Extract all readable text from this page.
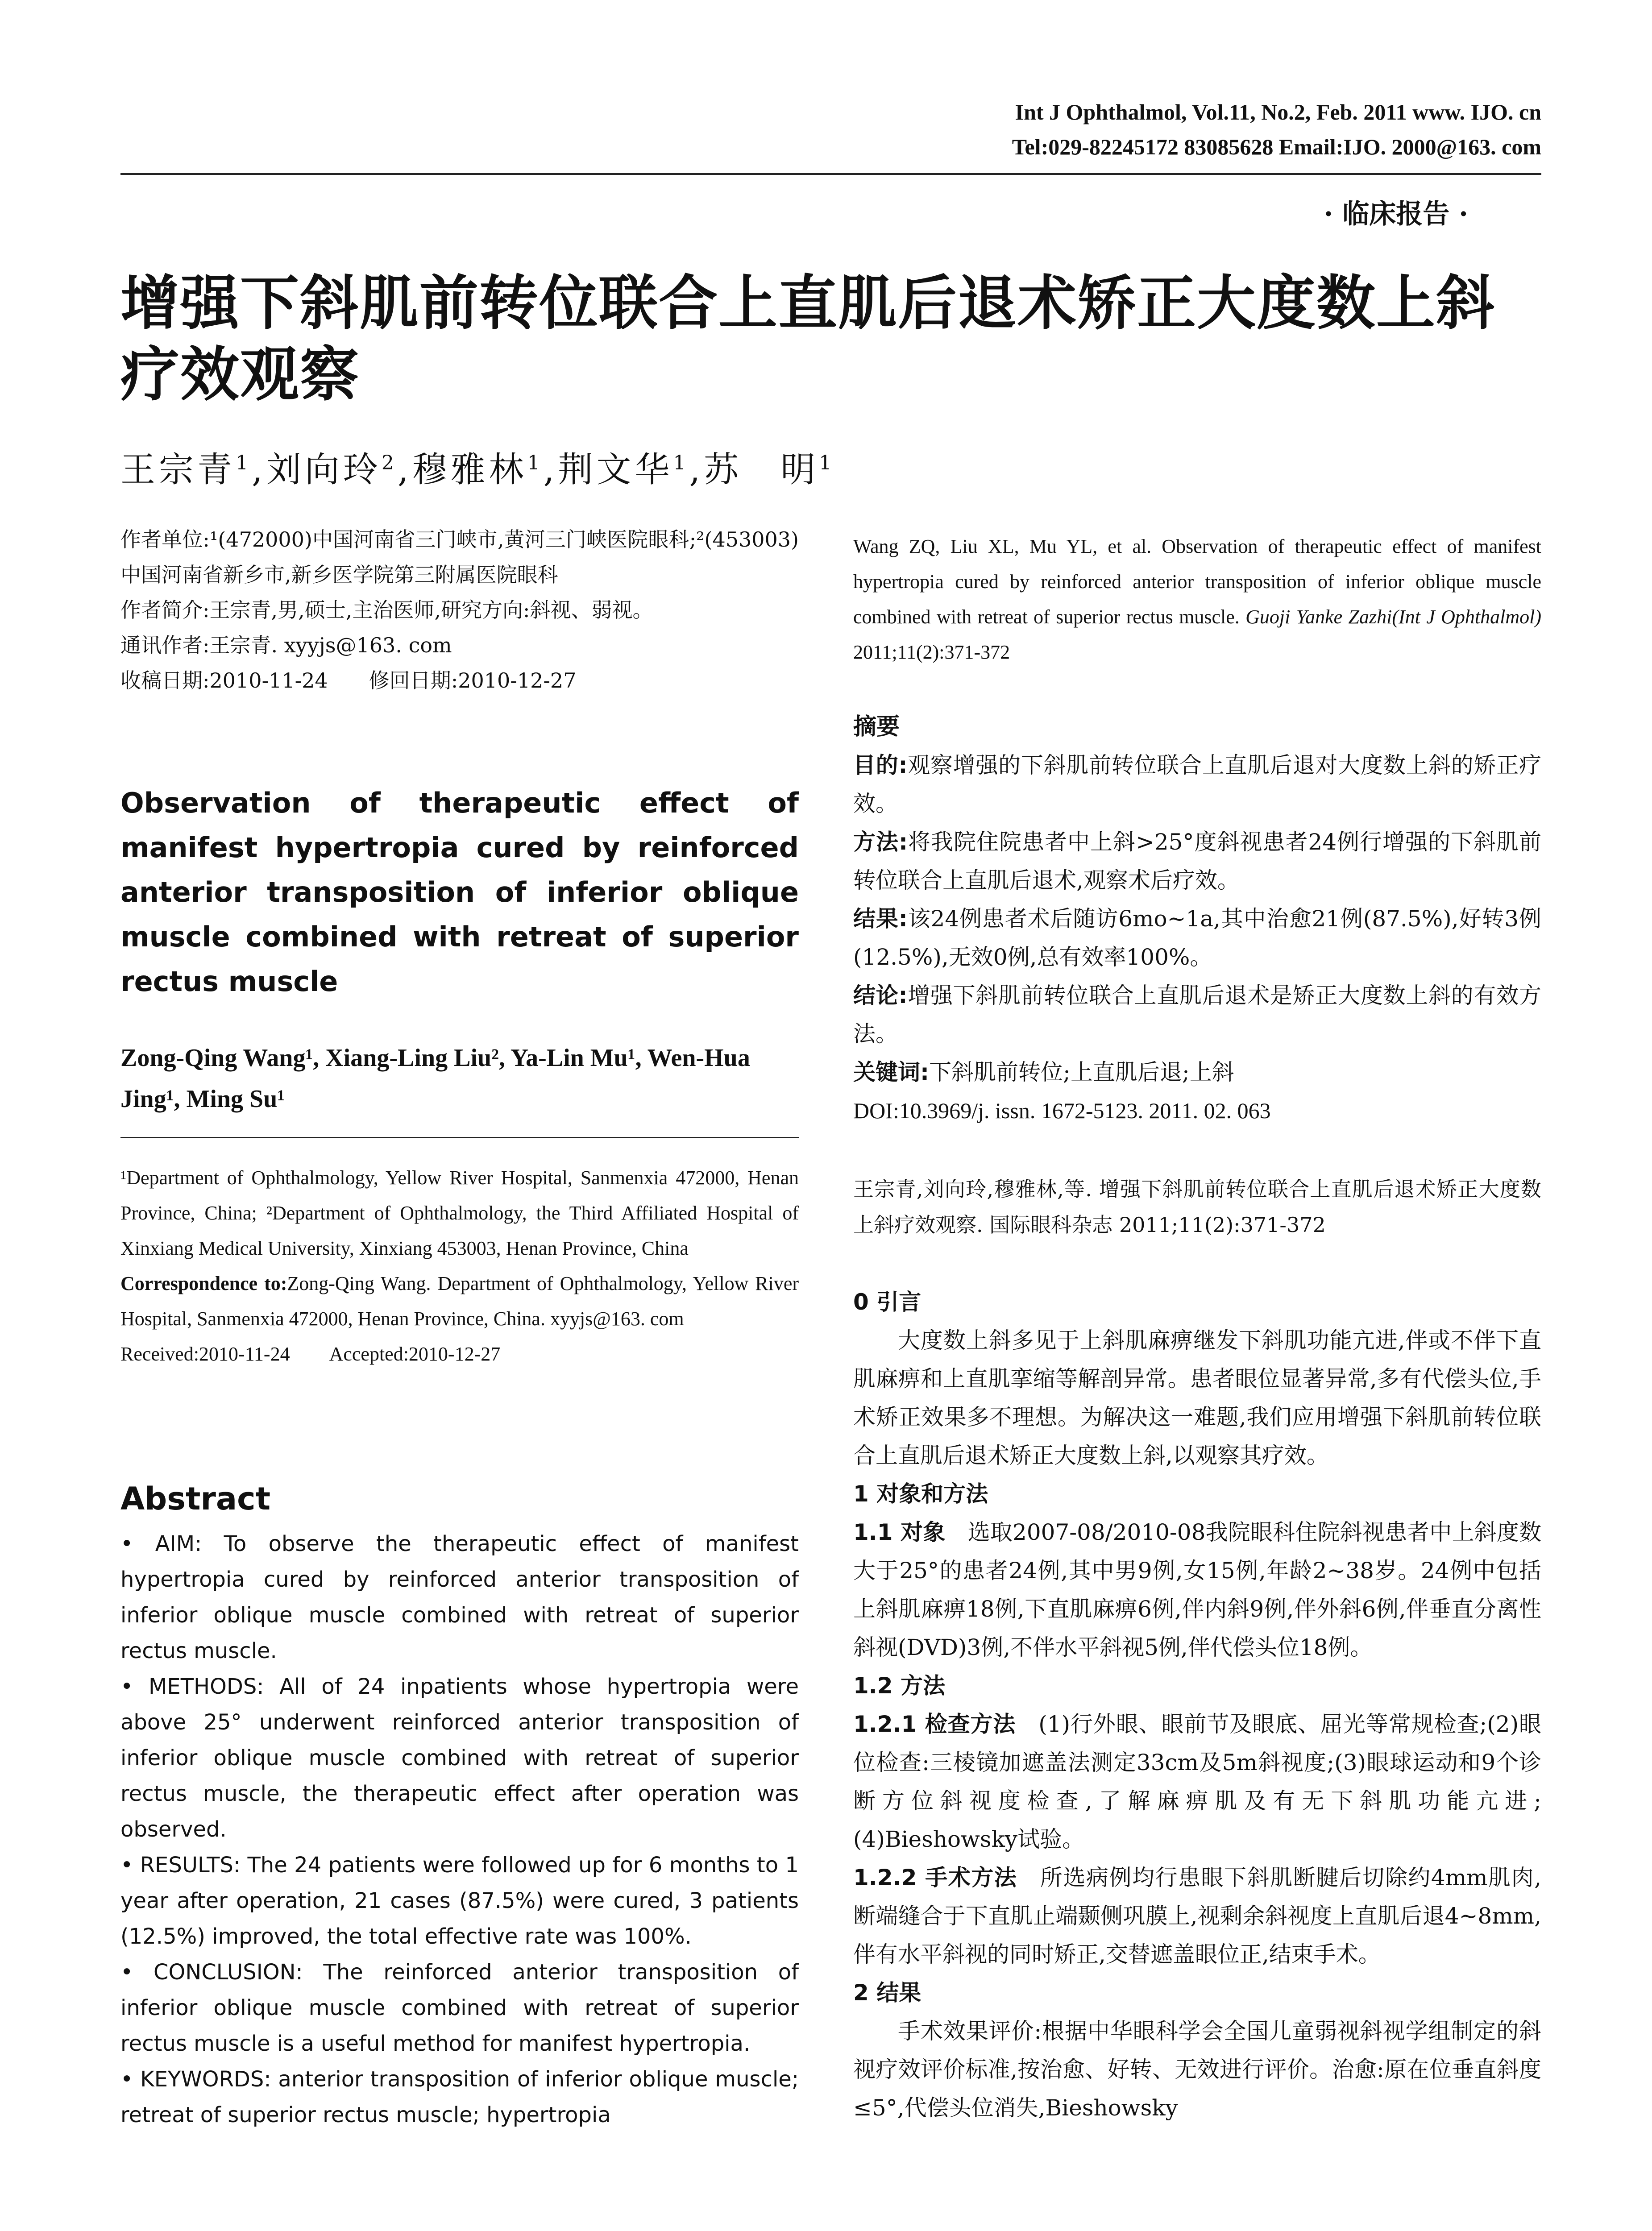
Int J Ophthalmol, Vol.11, No.2, Feb. 2011 www. IJO. cn
Tel:029-82245172 83085628 Email:IJO. 2000@163. com
· 临床报告 ·
增强下斜肌前转位联合上直肌后退术矫正大度数上斜疗效观察
王宗青$^1$,刘向玲$^2$,穆雅林$^1$,荆文华$^1$,苏　明$^1$
作者单位:¹(472000)中国河南省三门峡市,黄河三门峡医院眼科;²(453003)中国河南省新乡市,新乡医学院第三附属医院眼科
作者简介:王宗青,男,硕士,主治医师,研究方向:斜视、弱视。
通讯作者:王宗青. xyyjs@163. com
收稿日期:2010-11-24　　修回日期:2010-12-27
Observation of therapeutic effect of manifest hypertropia cured by reinforced anterior transposition of inferior oblique muscle combined with retreat of superior rectus muscle
Zong-Qing Wang¹, Xiang-Ling Liu², Ya-Lin Mu¹, Wen-Hua Jing¹, Ming Su¹
¹Department of Ophthalmology, Yellow River Hospital, Sanmenxia 472000, Henan Province, China; ²Department of Ophthalmology, the Third Affiliated Hospital of Xinxiang Medical University, Xinxiang 453003, Henan Province, China
Correspondence to:Zong-Qing Wang. Department of Ophthalmology, Yellow River Hospital, Sanmenxia 472000, Henan Province, China. xyyjs@163. com
Received:2010-11-24　　Accepted:2010-12-27
Abstract

• AIM: To observe the therapeutic effect of manifest hypertropia cured by reinforced anterior transposition of inferior oblique muscle combined with retreat of superior rectus muscle.

• METHODS: All of 24 inpatients whose hypertropia were above 25° underwent reinforced anterior transposition of inferior oblique muscle combined with retreat of superior rectus muscle, the therapeutic effect after operation was observed.

• RESULTS: The 24 patients were followed up for 6 months to 1 year after operation, 21 cases (87.5%) were cured, 3 patients (12.5%) improved, the total effective rate was 100%.

• CONCLUSION: The reinforced anterior transposition of inferior oblique muscle combined with retreat of superior rectus muscle is a useful method for manifest hypertropia.

• KEYWORDS: anterior transposition of inferior oblique muscle; retreat of superior rectus muscle; hypertropia

Wang ZQ, Liu XL, Mu YL, et al. Observation of therapeutic effect of manifest hypertropia cured by reinforced anterior transposition of inferior oblique muscle combined with retreat of superior rectus muscle. Guoji Yanke Zazhi(Int J Ophthalmol) 2011;11(2):371-372
摘要

目的:观察增强的下斜肌前转位联合上直肌后退对大度数上斜的矫正疗效。

方法:将我院住院患者中上斜>25°度斜视患者24例行增强的下斜肌前转位联合上直肌后退术,观察术后疗效。

结果:该24例患者术后随访6mo~1a,其中治愈21例(87.5%),好转3例(12.5%),无效0例,总有效率100%。

结论:增强下斜肌前转位联合上直肌后退术是矫正大度数上斜的有效方法。

关键词:下斜肌前转位;上直肌后退;上斜

DOI:10.3969/j. issn. 1672-5123. 2011. 02. 063

王宗青,刘向玲,穆雅林,等. 增强下斜肌前转位联合上直肌后退术矫正大度数上斜疗效观察. 国际眼科杂志 2011;11(2):371-372
0 引言

大度数上斜多见于上斜肌麻痹继发下斜肌功能亢进,伴或不伴下直肌麻痹和上直肌挛缩等解剖异常。患者眼位显著异常,多有代偿头位,手术矫正效果多不理想。为解决这一难题,我们应用增强下斜肌前转位联合上直肌后退术矫正大度数上斜,以观察其疗效。

1 对象和方法

1.1 对象　选取2007-08/2010-08我院眼科住院斜视患者中上斜度数大于25°的患者24例,其中男9例,女15例,年龄2~38岁。24例中包括上斜肌麻痹18例,下直肌麻痹6例,伴内斜9例,伴外斜6例,伴垂直分离性斜视(DVD)3例,不伴水平斜视5例,伴代偿头位18例。

1.2 方法

1.2.1 检查方法　(1)行外眼、眼前节及眼底、屈光等常规检查;(2)眼位检查:三棱镜加遮盖法测定33cm及5m斜视度;(3)眼球运动和9个诊断方位斜视度检查,了解麻痹肌及有无下斜肌功能亢进;(4)Bieshowsky试验。

1.2.2 手术方法　所选病例均行患眼下斜肌断腱后切除约4mm肌肉,断端缝合于下直肌止端颞侧巩膜上,视剩余斜视度上直肌后退4~8mm,伴有水平斜视的同时矫正,交替遮盖眼位正,结束手术。

2 结果

手术效果评价:根据中华眼科学会全国儿童弱视斜视学组制定的斜视疗效评价标准,按治愈、好转、无效进行评价。治愈:原在位垂直斜度≤5°,代偿头位消失,Bieshowsky
